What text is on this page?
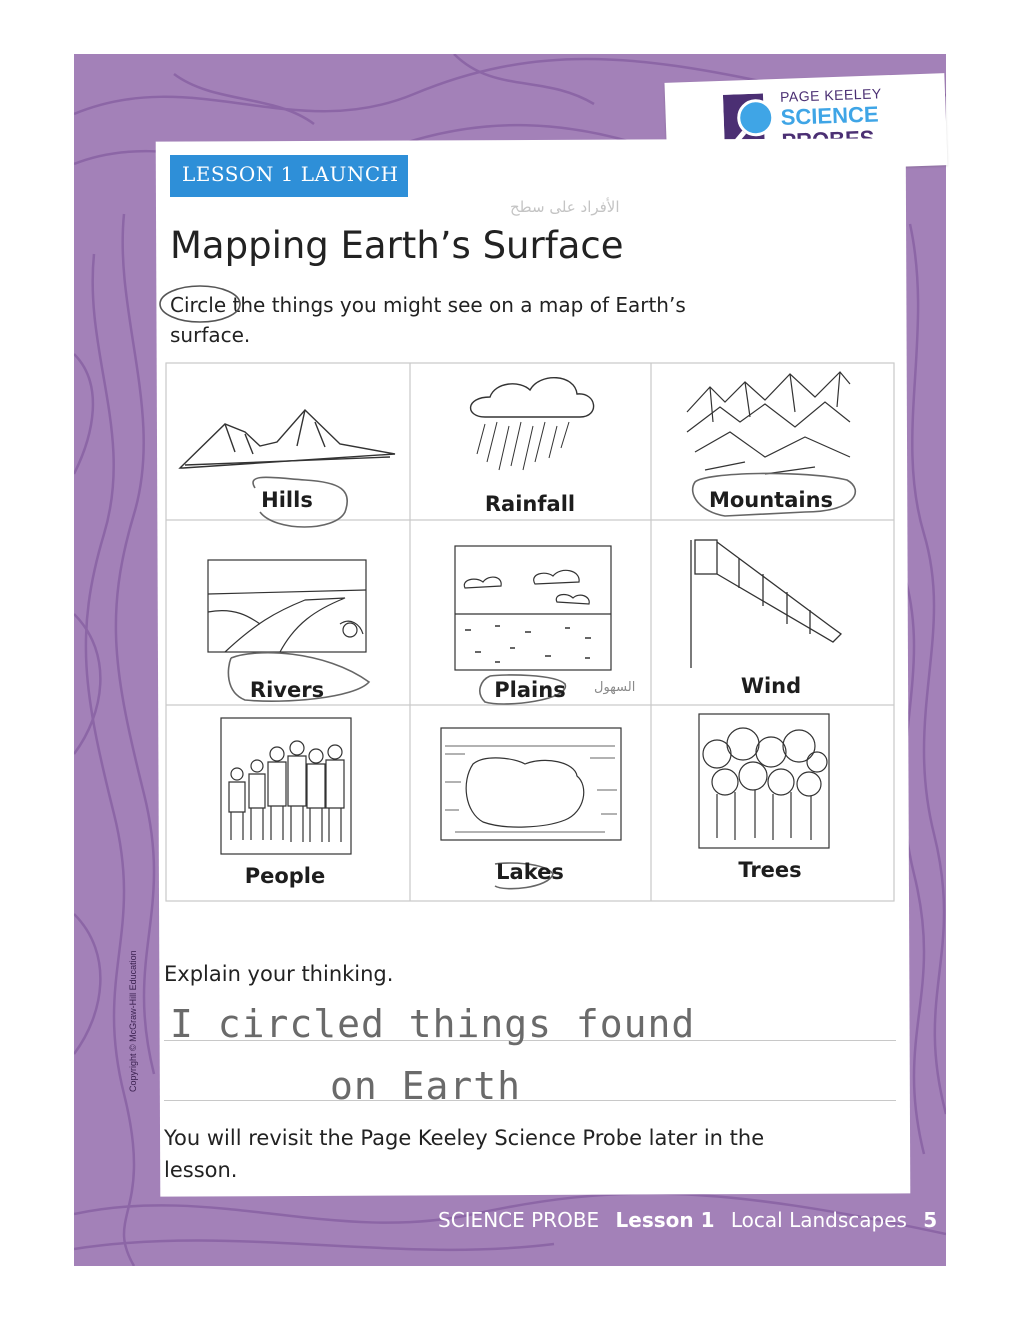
PAGE KEELEY
SCIENCE
LESSON 1 LAUNCH
الأفراد على سطح
Mapping Earth’s Surface
Circle the things you might see on a map of Earth’s surface.
Hills	Rainfall	Mountains
Rivers	Plains	Wind
People	Lakes	Trees
السهول
Explain your thinking.
I circled things found
on Earth
You will revisit the Page Keeley Science Probe later in the lesson.
SCIENCE PROBE Lesson 1 Local Landscapes 5
Copyright © McGraw-Hill Education
